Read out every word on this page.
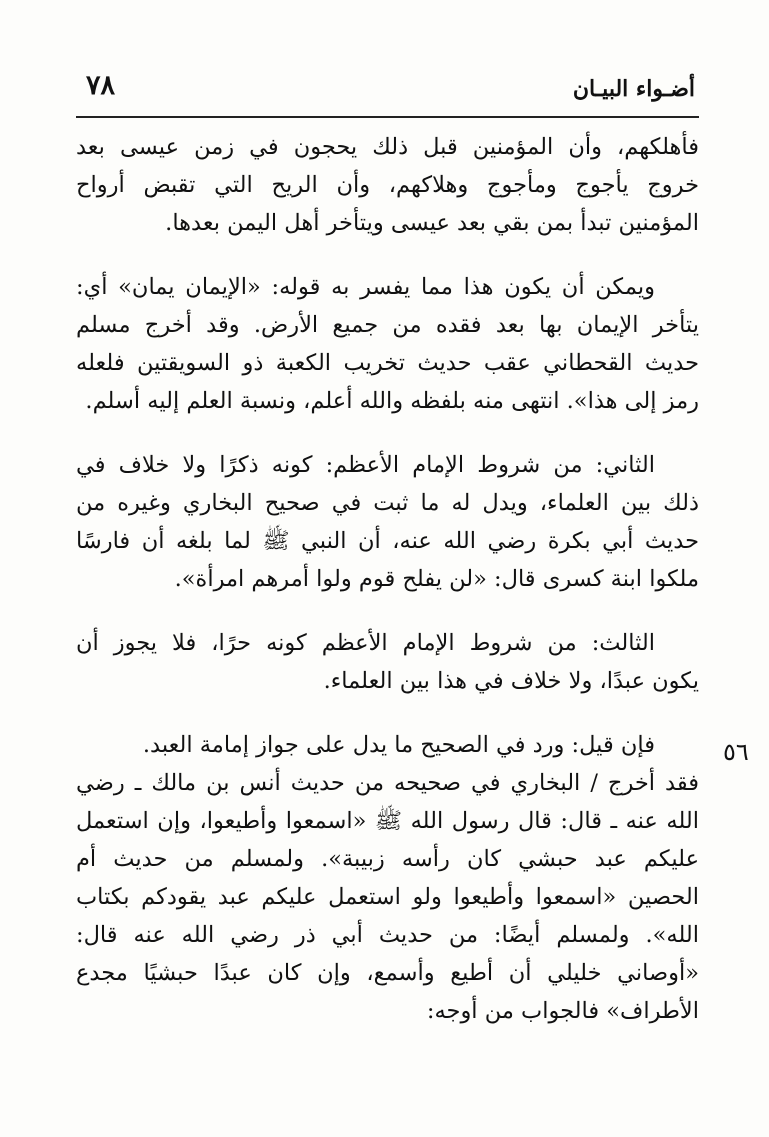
٧٨	أضـواء البيـان
٥٦
فأهلكهم، وأن المؤمنين قبل ذلك يحجون في زمن عيسى بعد
خروج يأجوج ومأجوج وهلاكهم، وأن الريح التي تقبض أرواح
المؤمنين تبدأ بمن بقي بعد عيسى ويتأخر أهل اليمن بعدها.
ويمكن أن يكون هذا مما يفسر به قوله: «الإيمان يمان» أي:
يتأخر الإيمان بها بعد فقده من جميع الأرض. وقد أخرج مسلم
حديث القحطاني عقب حديث تخريب الكعبة ذو السويقتين فلعله
رمز إلى هذا». انتهى منه بلفظه والله أعلم، ونسبة العلم إليه أسلم.
الثاني: من شروط الإمام الأعظم: كونه ذكرًا ولا خلاف في
ذلك بين العلماء، ويدل له ما ثبت في صحيح البخاري وغيره من
حديث أبي بكرة رضي الله عنه، أن النبي ﷺ لما بلغه أن فارسًا
ملكوا ابنة كسرى قال: «لن يفلح قوم ولوا أمرهم امرأة».
الثالث: من شروط الإمام الأعظم كونه حرًا، فلا يجوز أن
يكون عبدًا، ولا خلاف في هذا بين العلماء.
فإن قيل: ورد في الصحيح ما يدل على جواز إمامة العبد.
فقد أخرج / البخاري في صحيحه من حديث أنس بن مالك ـ رضي
الله عنه ـ قال: قال رسول الله ﷺ «اسمعوا وأطيعوا، وإن استعمل
عليكم عبد حبشي كان رأسه زبيبة». ولمسلم من حديث أم
الحصين «اسمعوا وأطيعوا ولو استعمل عليكم عبد يقودكم بكتاب
الله». ولمسلم أيضًا: من حديث أبي ذر رضي الله عنه قال:
«أوصاني خليلي أن أطيع وأسمع، وإن كان عبدًا حبشيًا مجدع
الأطراف» فالجواب من أوجه:
